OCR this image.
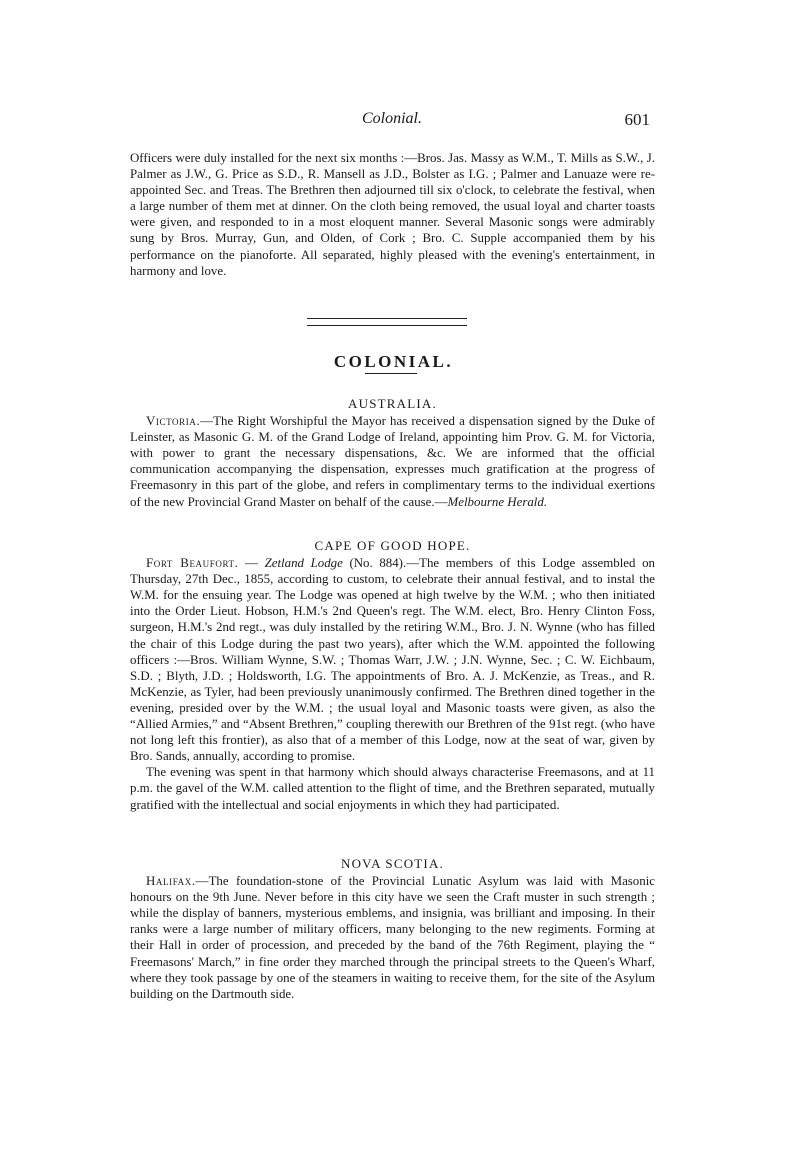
Colonial.	601

Officers were duly installed for the next six months :—Bros. Jas. Massy as W.M., T. Mills as S.W., J. Palmer as J.W., G. Price as S.D., R. Mansell as J.D., Bolster as I.G. ; Palmer and Lanuaze were re-appointed Sec. and Treas. The Brethren then adjourned till six o'clock, to celebrate the festival, when a large number of them met at dinner. On the cloth being removed, the usual loyal and charter toasts were given, and responded to in a most eloquent manner. Several Masonic songs were admirably sung by Bros. Murray, Gun, and Olden, of Cork ; Bro. C. Supple accompanied them by his performance on the pianoforte. All separated, highly pleased with the evening's entertainment, in harmony and love.

COLONIAL.
AUSTRALIA.

Victoria.—The Right Worshipful the Mayor has received a dispensation signed by the Duke of Leinster, as Masonic G. M. of the Grand Lodge of Ireland, appointing him Prov. G. M. for Victoria, with power to grant the necessary dispensations, &c. We are informed that the official communication accompanying the dispensation, expresses much gratification at the progress of Freemasonry in this part of the globe, and refers in complimentary terms to the individual exertions of the new Provincial Grand Master on behalf of the cause.—Melbourne Herald.

CAPE OF GOOD HOPE.

Fort Beaufort. — Zetland Lodge (No. 884).—The members of this Lodge assembled on Thursday, 27th Dec., 1855, according to custom, to celebrate their annual festival, and to instal the W.M. for the ensuing year. The Lodge was opened at high twelve by the W.M. ; who then initiated into the Order Lieut. Hobson, H.M.'s 2nd Queen's regt. The W.M. elect, Bro. Henry Clinton Foss, surgeon, H.M.'s 2nd regt., was duly installed by the retiring W.M., Bro. J. N. Wynne (who has filled the chair of this Lodge during the past two years), after which the W.M. appointed the following officers :—Bros. William Wynne, S.W. ; Thomas Warr, J.W. ; J.N. Wynne, Sec. ; C. W. Eichbaum, S.D. ; Blyth, J.D. ; Holdsworth, I.G. The appointments of Bro. A. J. McKenzie, as Treas., and R. McKenzie, as Tyler, had been previously unanimously confirmed. The Brethren dined together in the evening, presided over by the W.M. ; the usual loyal and Masonic toasts were given, as also the “Allied Armies,” and “Absent Brethren,” coupling therewith our Brethren of the 91st regt. (who have not long left this frontier), as also that of a member of this Lodge, now at the seat of war, given by Bro. Sands, annually, according to promise.

The evening was spent in that harmony which should always characterise Freemasons, and at 11 p.m. the gavel of the W.M. called attention to the flight of time, and the Brethren separated, mutually gratified with the intellectual and social enjoyments in which they had participated.

NOVA SCOTIA.

Halifax.—The foundation-stone of the Provincial Lunatic Asylum was laid with Masonic honours on the 9th June. Never before in this city have we seen the Craft muster in such strength ; while the display of banners, mysterious emblems, and insignia, was brilliant and imposing. In their ranks were a large number of military officers, many belonging to the new regiments. Forming at their Hall in order of procession, and preceded by the band of the 76th Regiment, playing the “ Freemasons' March,” in fine order they marched through the principal streets to the Queen's Wharf, where they took passage by one of the steamers in waiting to receive them, for the site of the Asylum building on the Dartmouth side.
